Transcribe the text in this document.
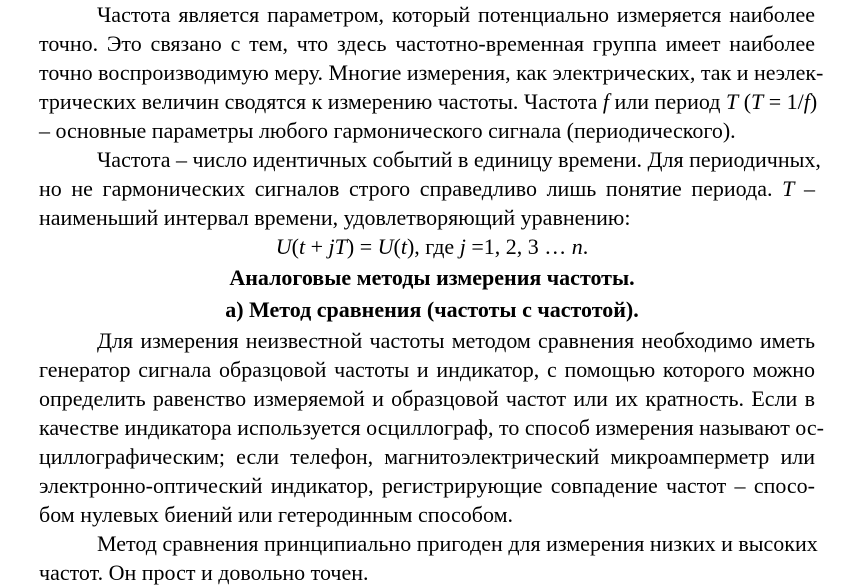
Частота является параметром, который потенциально измеряется наиболее
точно. Это связано с тем, что здесь частотно-временная группа имеет наиболее
точно воспроизводимую меру. Многие измерения, как электрических, так и неэлек-
трических величин сводятся к измерению частоты. Частота f или период T (T = 1/f)
– основные параметры любого гармонического сигнала (периодического).
Частота – число идентичных событий в единицу времени. Для периодичных,
но не гармонических сигналов строго справедливо лишь понятие периода. T –
наименьший интервал времени, удовлетворяющий уравнению:
U(t + jT) = U(t), где j =1, 2, 3 … n.
Аналоговые методы измерения частоты.
а) Метод сравнения (частоты с частотой).
Для измерения неизвестной частоты методом сравнения необходимо иметь
генератор сигнала образцовой частоты и индикатор, с помощью которого можно
определить равенство измеряемой и образцовой частот или их кратность. Если в
качестве индикатора используется осциллограф, то способ измерения называют ос-
циллографическим; если телефон, магнитоэлектрический микроамперметр или
электронно-оптический индикатор, регистрирующие совпадение частот – спосо-
бом нулевых биений или гетеродинным способом.
Метод сравнения принципиально пригоден для измерения низких и высоких
частот. Он прост и довольно точен.
